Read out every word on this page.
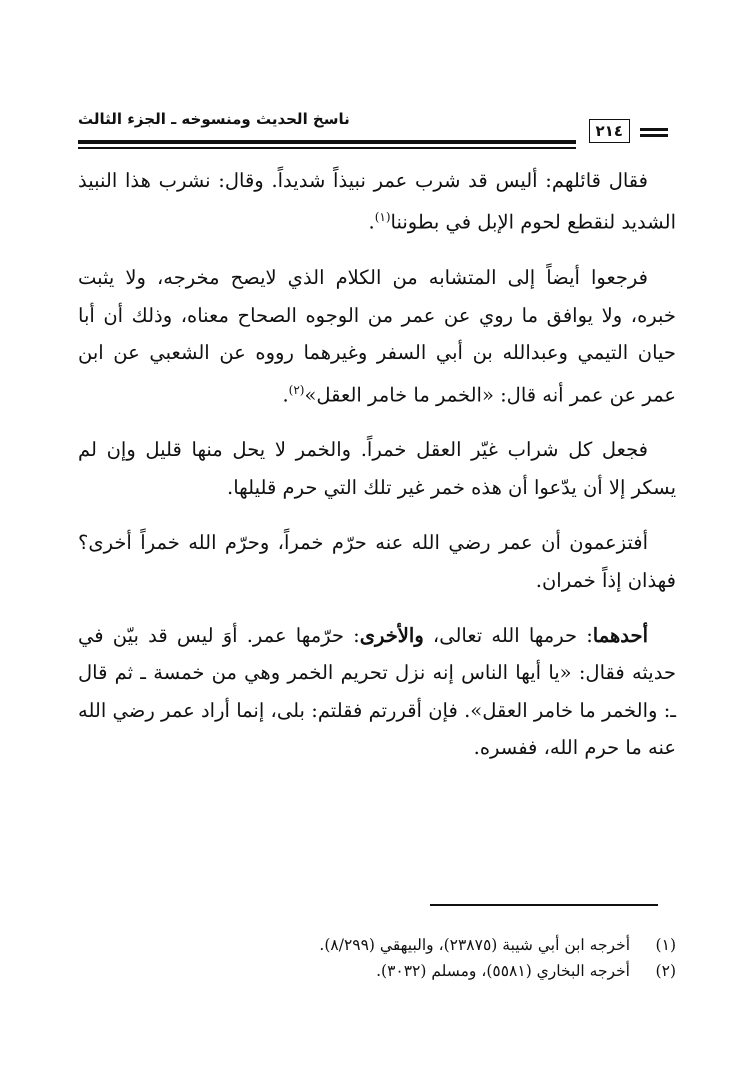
ناسخ الحديث ومنسوخه ـ الجزء الثالث
٢١٤

فقال قائلهم: أليس قد شرب عمر نبيذاً شديداً. وقال: نشرب هذا النبيذ الشديد لنقطع لحوم الإبل في بطوننا$^{(١)}$.

فرجعوا أيضاً إلى المتشابه من الكلام الذي لايصح مخرجه، ولا يثبت خبره، ولا يوافق ما روي عن عمر من الوجوه الصحاح معناه، وذلك أن أبا حيان التيمي وعبدالله بن أبي السفر وغيرهما رووه عن الشعبي عن ابن عمر عن عمر أنه قال: «الخمر ما خامر العقل»$^{(٢)}$.

فجعل كل شراب غيّر العقل خمراً. والخمر لا يحل منها قليل وإن لم يسكر إلا أن يدّعوا أن هذه خمر غير تلك التي حرم قليلها.

أفتزعمون أن عمر رضي الله عنه حرّم خمراً، وحرّم الله خمراً أخرى؟ فهذان إذاً خمران.

أحدهما: حرمها الله تعالى، والأخرى: حرّمها عمر. أوَ ليس قد بيّن في حديثه فقال: «يا أيها الناس إنه نزل تحريم الخمر وهي من خمسة ـ ثم قال ـ: والخمر ما خامر العقل». فإن أقررتم فقلتم: بلى، إنما أراد عمر رضي الله عنه ما حرم الله، ففسره.

(١)
أخرجه ابن أبي شيبة (٢٣٨٧٥)، والبيهقي (٨/٢٩٩).
(٢)
أخرجه البخاري (٥٥٨١)، ومسلم (٣٠٣٢).
